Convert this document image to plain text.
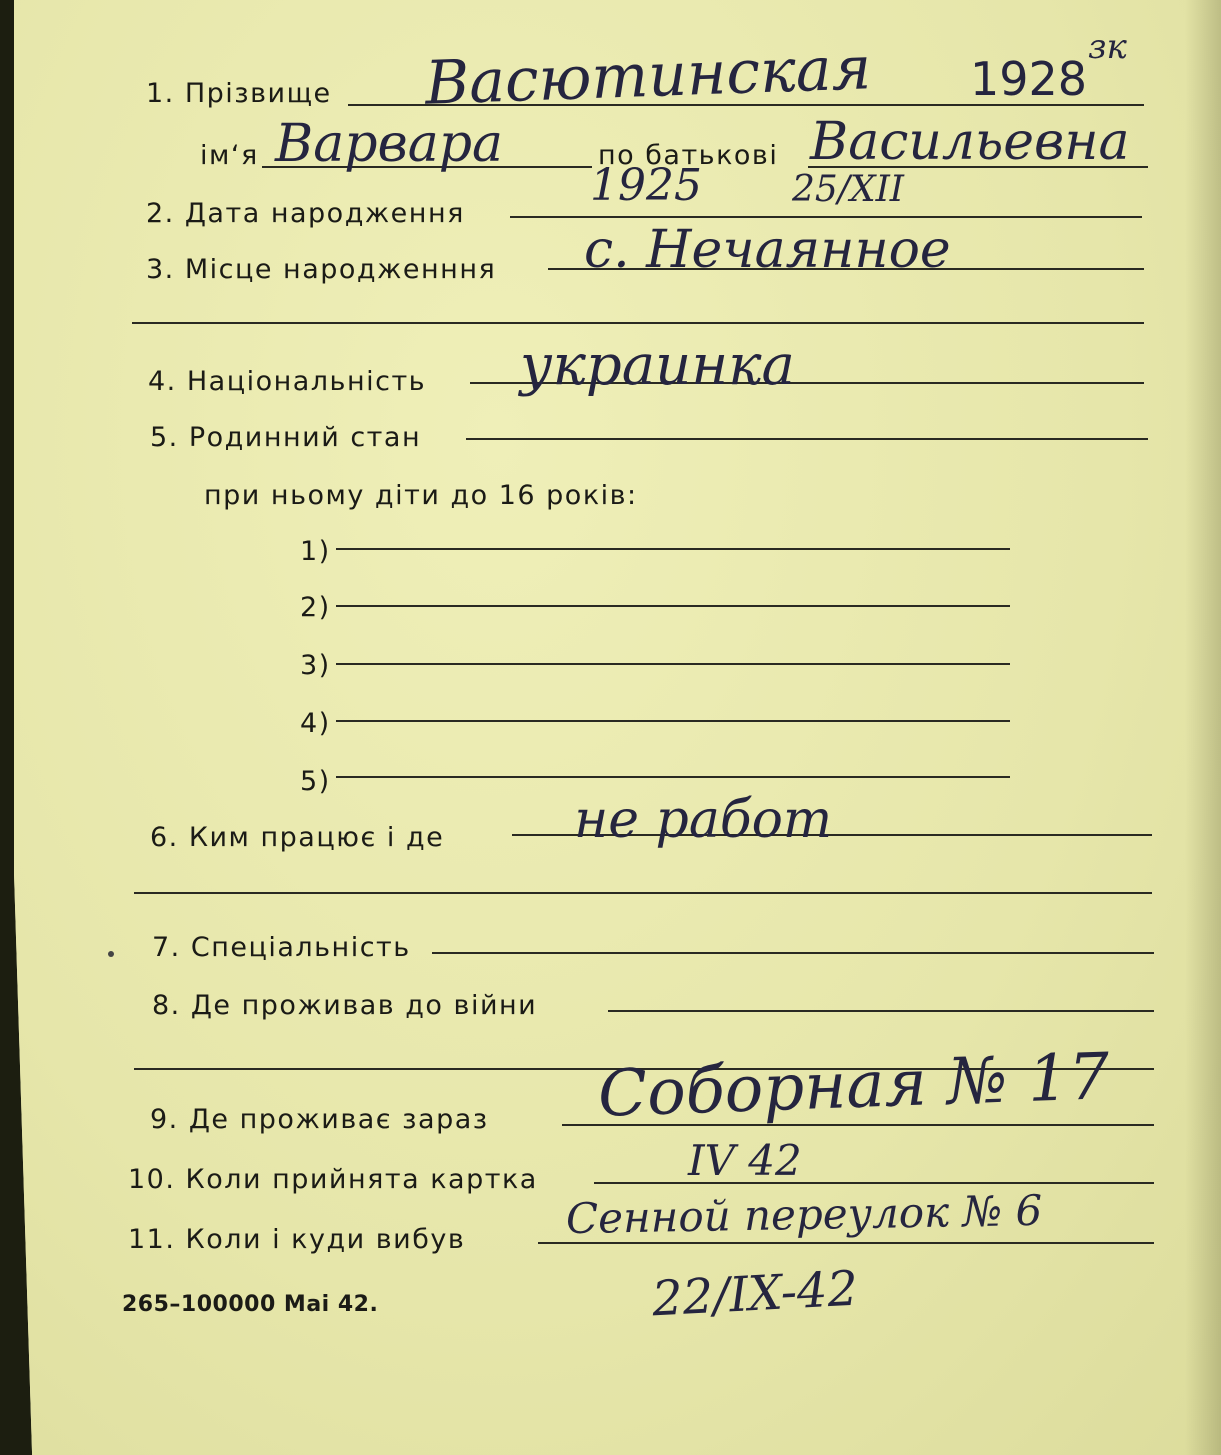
1. Прізвище Васютинская 1928
зк
ім‘я Варвара	по батькові Васильевна
2. Дата народження
1925	25/XII
3. Місце народженння с. Нечаянное
4. Національність украинка
5. Родинний стан
при ньому діти до 16 років:
1)
2)
3)
4)
5)
6. Ким працює і де не работ
7. Спеціальність
8. Де проживав до війни
9. Де проживає зараз Соборная № 17
10. Коли прийнята картка	IV 42
11. Коли і куди вибув Сенной переулок № 6
22/IX-42
265–100000 Mai 42.
